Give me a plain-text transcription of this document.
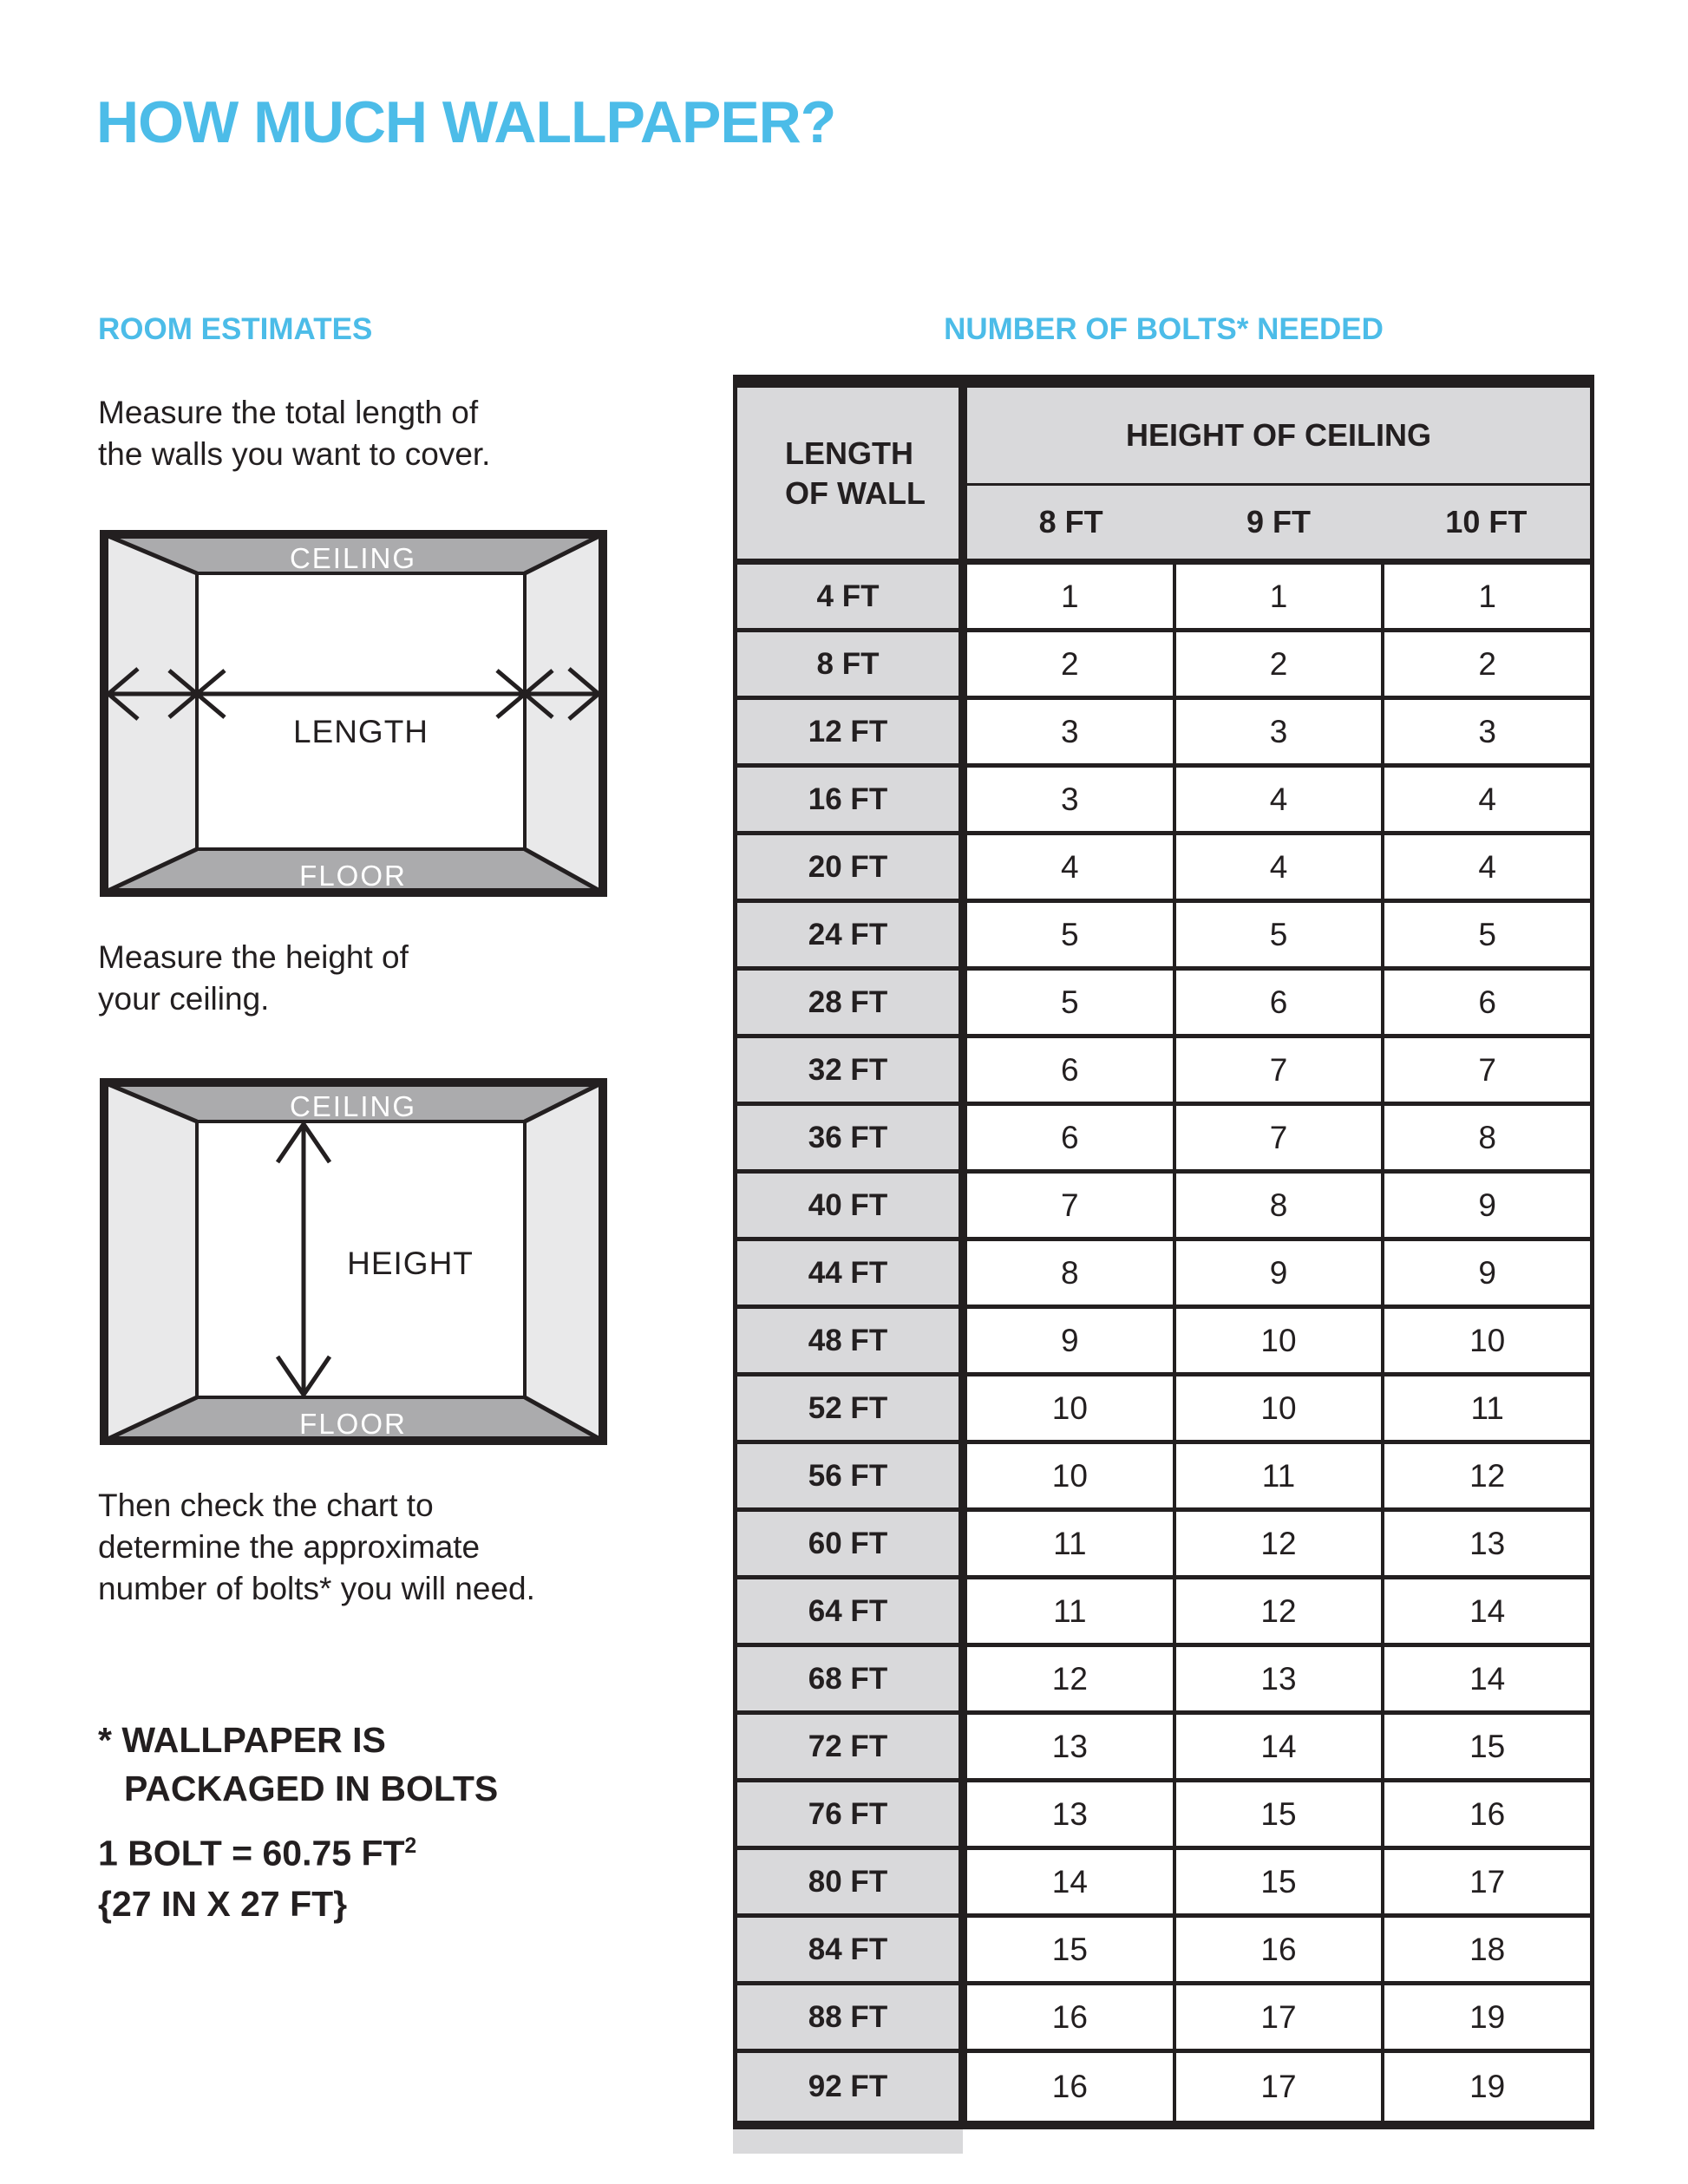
HOW MUCH WALLPAPER?
ROOM ESTIMATES
Measure the total length of
the walls you want to cover.
CEILING
FLOOR
LENGTH
Measure the height of
your ceiling.
CEILING
FLOOR
HEIGHT
Then check the chart to
determine the approximate
number of bolts* you will need.
* WALLPAPER IS
PACKAGED IN BOLTS
1 BOLT = 60.75 $FT^2$
{27 IN X 27 FT}
NUMBER OF BOLTS* NEEDED
LENGTH
OF WALL
HEIGHT OF CEILING
8 FT	9 FT	10 FT
4 FT	1	1	1
8 FT	2	2	2
12 FT	3	3	3
16 FT	3	4	4
20 FT	4	4	4
24 FT	5	5	5
28 FT	5	6	6
32 FT	6	7	7
36 FT	6	7	8
40 FT	7	8	9
44 FT	8	9	9
48 FT	9	10	10
52 FT	10	10	11
56 FT	10	11	12
60 FT	11	12	13
64 FT	11	12	14
68 FT	12	13	14
72 FT	13	14	15
76 FT	13	15	16
80 FT	14	15	17
84 FT	15	16	18
88 FT	16	17	19
92 FT	16	17	19
